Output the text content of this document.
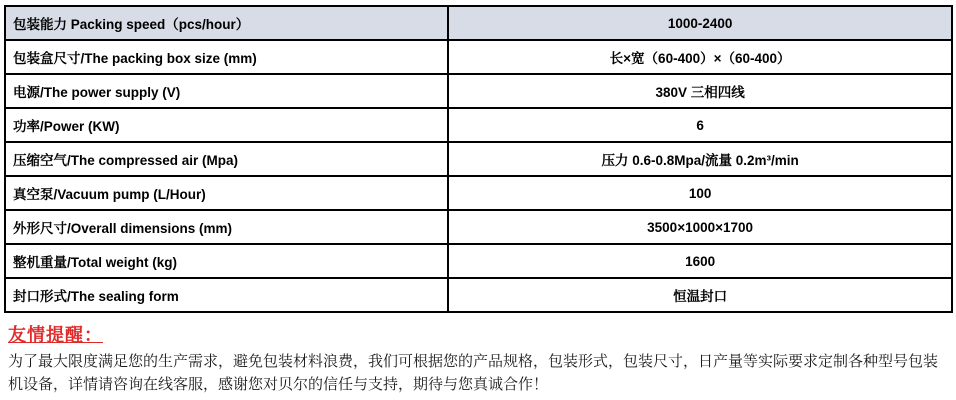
包装能力 Packing speed（pcs/hour）	1000-2400
包装盒尺寸/The packing box size (mm)	长×宽（60-400）×（60-400）
电源/The power supply (V)	380V 三相四线
功率/Power (KW)	6
压缩空气/The compressed air (Mpa)	压力 0.6-0.8Mpa/流量 0.2m³/min
真空泵/Vacuum pump (L/Hour)	100
外形尺寸/Overall dimensions (mm)	3500×1000×1700
整机重量/Total weight (kg)	1600
封口形式/The sealing form	恒温封口
友情提醒：
为了最大限度满足您的生产需求，避免包装材料浪费，我们可根据您的产品规格，包装形式，包装尺寸，日产量等实际要求定制各种型号包装机设备，详情请咨询在线客服，感谢您对贝尔的信任与支持，期待与您真诚合作！
